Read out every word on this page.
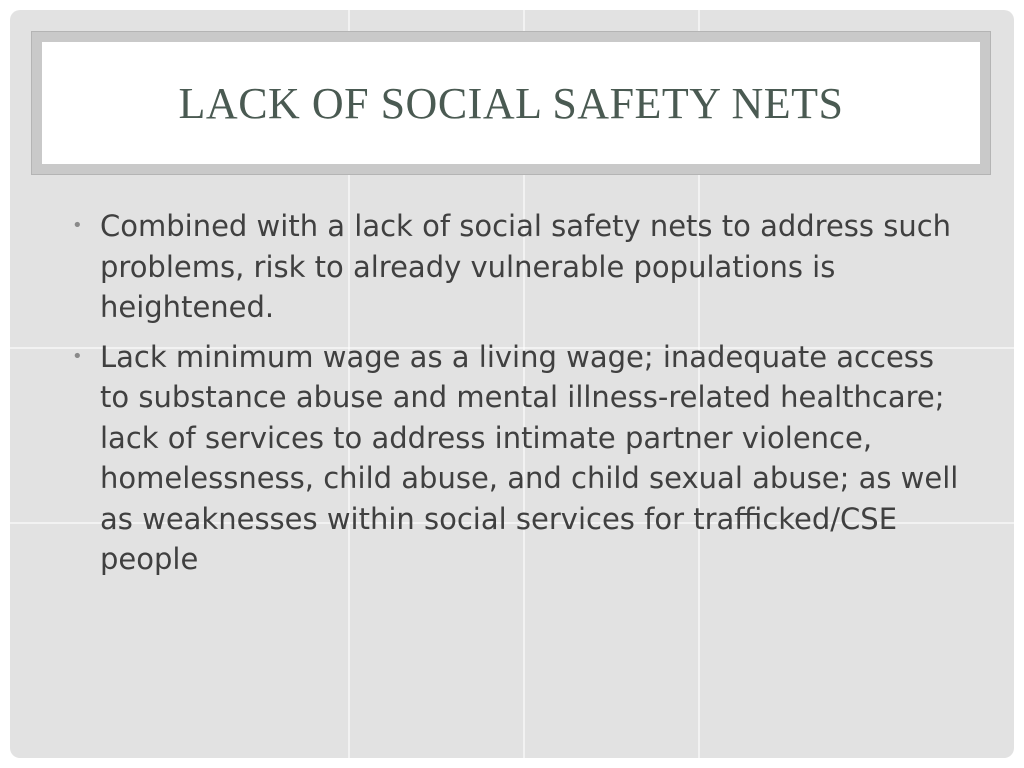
LACK OF SOCIAL SAFETY NETS
• Combined with a lack of social safety nets to address such problems, risk to already vulnerable populations is heightened.
• Lack minimum wage as a living wage; inadequate access to substance abuse and mental illness-related healthcare; lack of services to address intimate partner violence, homelessness, child abuse, and child sexual abuse; as well as weaknesses within social services for trafficked/CSE people
